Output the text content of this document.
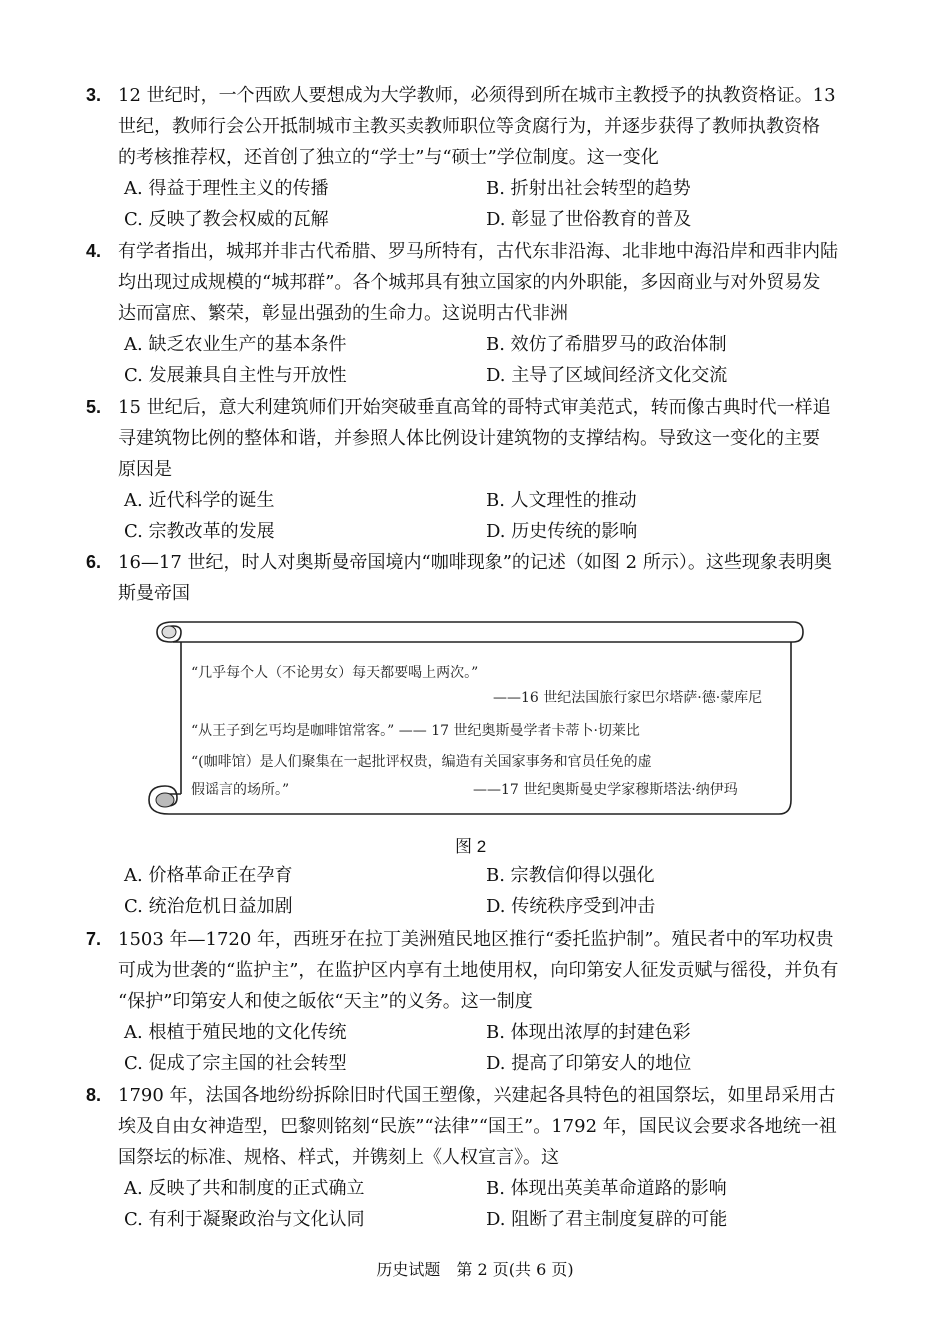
3. 12 世纪时，一个西欧人要想成为大学教师，必须得到所在城市主教授予的执教资格证。13
世纪，教师行会公开抵制城市主教买卖教师职位等贪腐行为，并逐步获得了教师执教资格
的考核推荐权，还首创了独立的“学士”与“硕士”学位制度。这一变化

A. 得益于理性主义的传播	B. 折射出社会转型的趋势
C. 反映了教会权威的瓦解	D. 彰显了世俗教育的普及

4. 有学者指出，城邦并非古代希腊、罗马所特有，古代东非沿海、北非地中海沿岸和西非内陆
均出现过成规模的“城邦群”。各个城邦具有独立国家的内外职能，多因商业与对外贸易发
达而富庶、繁荣，彰显出强劲的生命力。这说明古代非洲

A. 缺乏农业生产的基本条件	B. 效仿了希腊罗马的政治体制
C. 发展兼具自主性与开放性	D. 主导了区域间经济文化交流

5. 15 世纪后，意大利建筑师们开始突破垂直高耸的哥特式审美范式，转而像古典时代一样追
寻建筑物比例的整体和谐，并参照人体比例设计建筑物的支撑结构。导致这一变化的主要
原因是

A. 近代科学的诞生	B. 人文理性的推动
C. 宗教改革的发展	D. 历史传统的影响

6. 16—17 世纪，时人对奥斯曼帝国境内“咖啡现象”的记述（如图 2 所示）。这些现象表明奥
斯曼帝国

“几乎每个人（不论男女）每天都要喝上两次。”
——16 世纪法国旅行家巴尔塔萨·德·蒙库尼
“从王子到乞丐均是咖啡馆常客。” —— 17 世纪奥斯曼学者卡蒂卜·切莱比
“(咖啡馆）是人们聚集在一起批评权贵，编造有关国家事务和官员任免的虚
假谣言的场所。”	——17 世纪奥斯曼史学家穆斯塔法·纳伊玛
图 2
A. 价格革命正在孕育	B. 宗教信仰得以强化
C. 统治危机日益加剧	D. 传统秩序受到冲击

7. 1503 年—1720 年，西班牙在拉丁美洲殖民地区推行“委托监护制”。殖民者中的军功权贵
可成为世袭的“监护主”，在监护区内享有土地使用权，向印第安人征发贡赋与徭役，并负有
“保护”印第安人和使之皈依“天主”的义务。这一制度

A. 根植于殖民地的文化传统	B. 体现出浓厚的封建色彩
C. 促成了宗主国的社会转型	D. 提高了印第安人的地位

8. 1790 年，法国各地纷纷拆除旧时代国王塑像，兴建起各具特色的祖国祭坛，如里昂采用古
埃及自由女神造型，巴黎则铭刻“民族”“法律”“国王”。1792 年，国民议会要求各地统一祖
国祭坛的标准、规格、样式，并镌刻上《人权宣言》。这

A. 反映了共和制度的正式确立	B. 体现出英美革命道路的影响
C. 有利于凝聚政治与文化认同	D. 阻断了君主制度复辟的可能
历史试题　第 2 页(共 6 页)
